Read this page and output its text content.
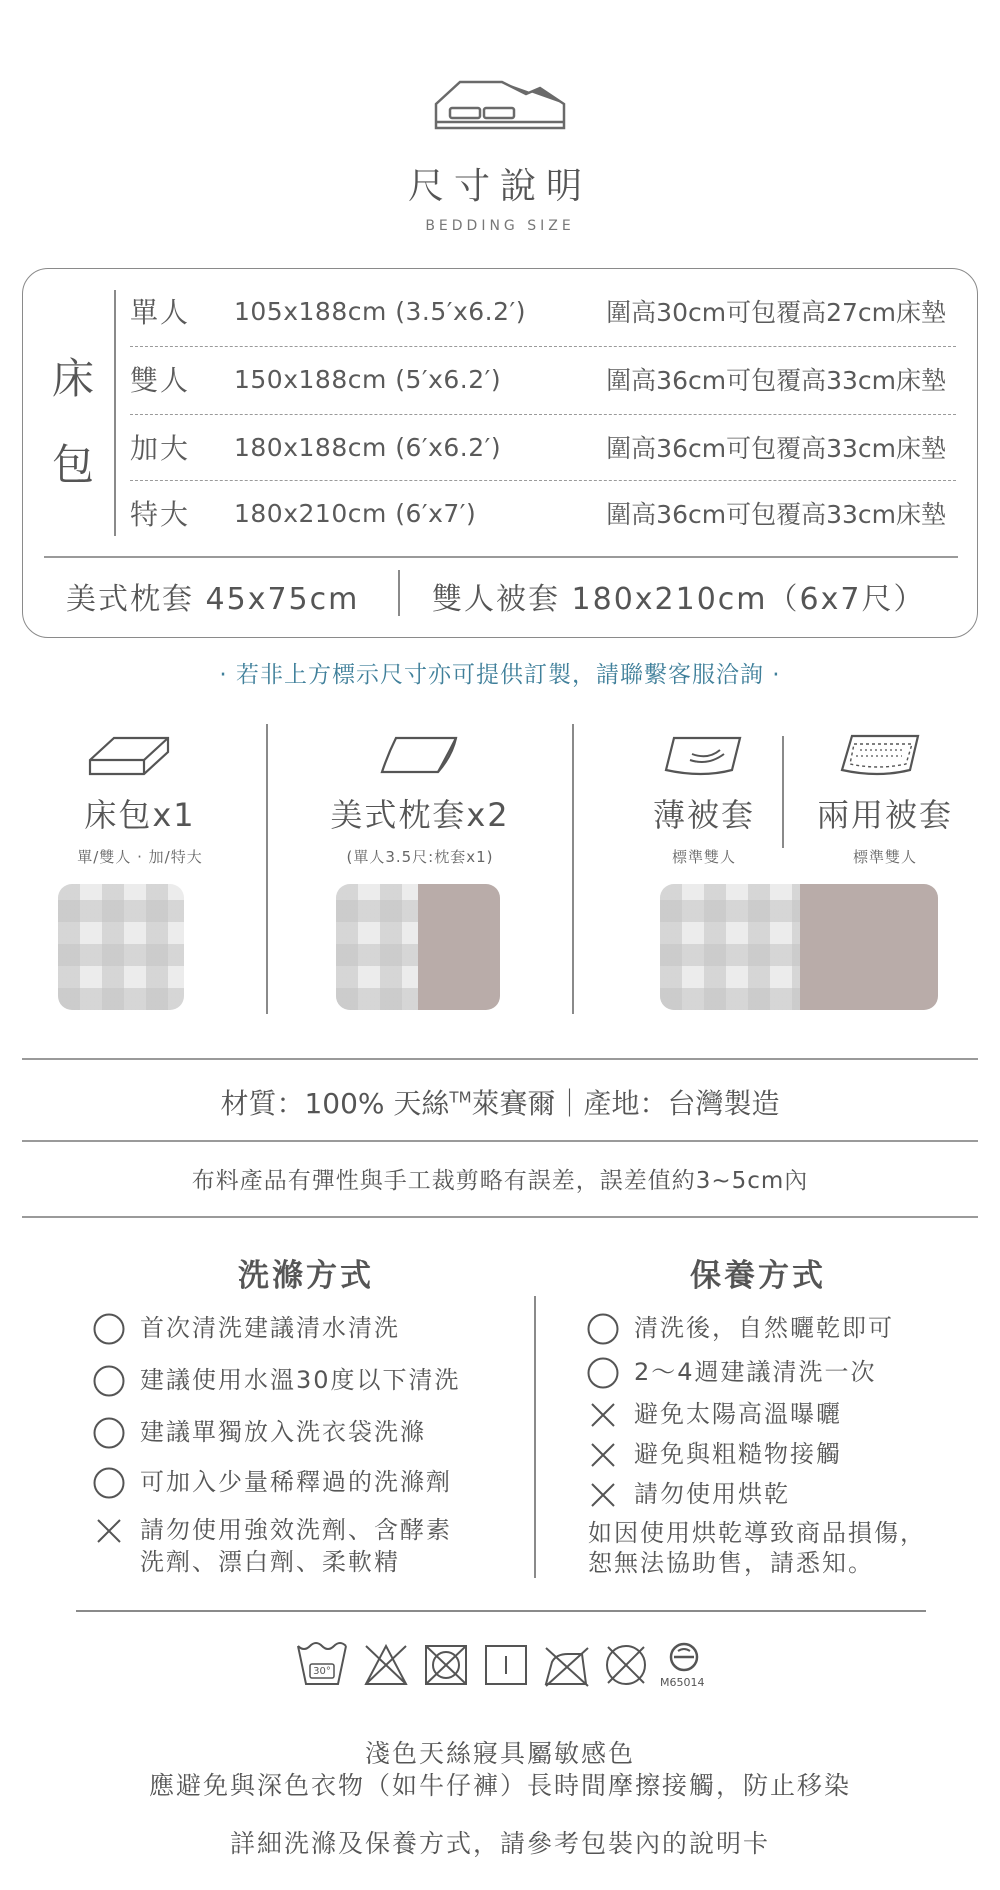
尺寸說明
BEDDING SIZE
床
包
單人	105x188cm (3.5′x6.2′)	圍高30cm可包覆高27cm床墊
雙人	150x188cm (5′x6.2′)	圍高36cm可包覆高33cm床墊
加大	180x188cm (6′x6.2′)	圍高36cm可包覆高33cm床墊
特大	180x210cm (6′x7′)	圍高36cm可包覆高33cm床墊
美式枕套 45x75cm 雙人被套 180x210cm（6x7尺）
· 若非上方標示尺寸亦可提供訂製，請聯繫客服洽詢 ·
床包x1
單/雙人 · 加/特大
美式枕套x2
(單人3.5尺:枕套x1)
薄被套
標準雙人
兩用被套
標準雙人
材質：100% 天絲™萊賽爾｜產地：台灣製造
布料產品有彈性與手工裁剪略有誤差，誤差值約3~5cm內
洗滌方式	保養方式
首次清洗建議清水清洗
建議使用水溫30度以下清洗
建議單獨放入洗衣袋洗滌
可加入少量稀釋過的洗滌劑
請勿使用強效洗劑、含酵素
洗劑、漂白劑、柔軟精
清洗後，自然曬乾即可
2～4週建議清洗一次
避免太陽高溫曝曬
避免與粗糙物接觸
請勿使用烘乾
如因使用烘乾導致商品損傷，
恕無法協助售，請悉知。
30°
M65014
淺色天絲寢具屬敏感色
應避免與深色衣物（如牛仔褲）長時間摩擦接觸，防止移染
詳細洗滌及保養方式，請參考包裝內的說明卡
